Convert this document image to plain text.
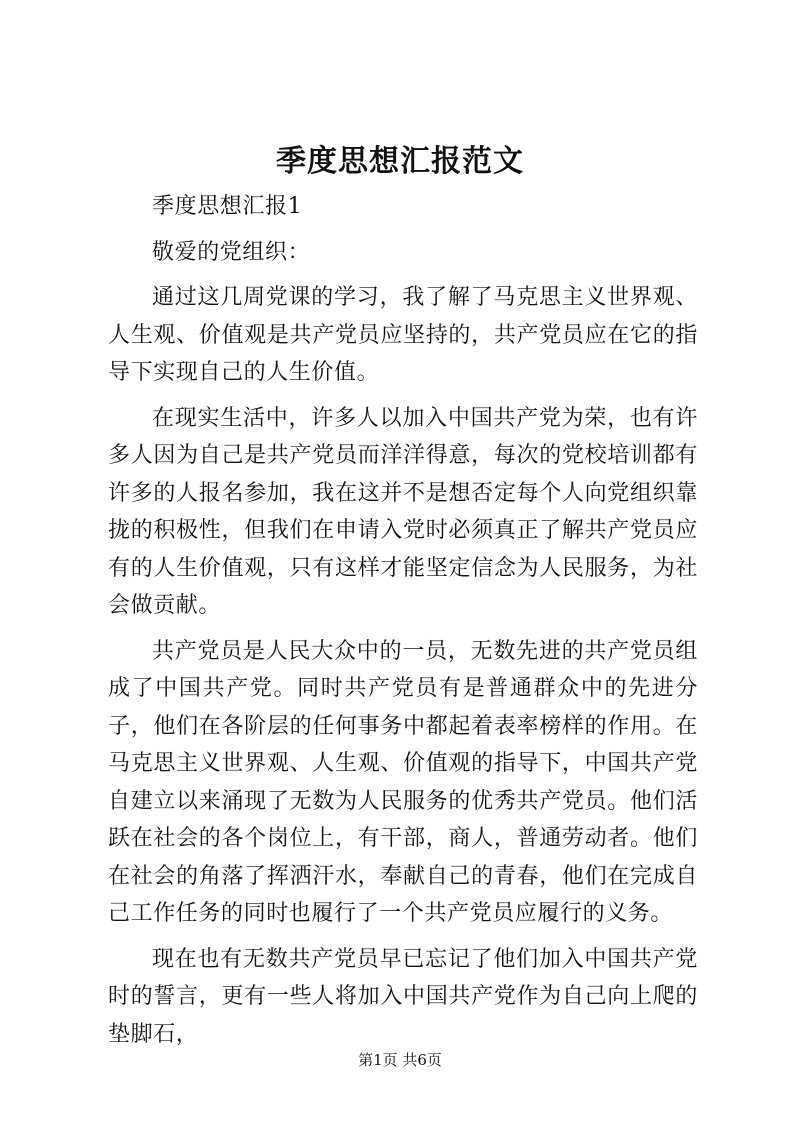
季度思想汇报范文

季度思想汇报1

敬爱的党组织：

通过这几周党课的学习，我了解了马克思主义世界观、人生观、价值观是共产党员应坚持的，共产党员应在它的指导下实现自己的人生价值。

在现实生活中，许多人以加入中国共产党为荣，也有许多人因为自己是共产党员而洋洋得意，每次的党校培训都有许多的人报名参加，我在这并不是想否定每个人向党组织靠拢的积极性，但我们在申请入党时必须真正了解共产党员应有的人生价值观，只有这样才能坚定信念为人民服务，为社会做贡献。

共产党员是人民大众中的一员，无数先进的共产党员组成了中国共产党。同时共产党员有是普通群众中的先进分子，他们在各阶层的任何事务中都起着表率榜样的作用。在马克思主义世界观、人生观、价值观的指导下，中国共产党自建立以来涌现了无数为人民服务的优秀共产党员。他们活跃在社会的各个岗位上，有干部，商人，普通劳动者。他们在社会的角落了挥洒汗水，奉献自己的青春，他们在完成自己工作任务的同时也履行了一个共产党员应履行的义务。

现在也有无数共产党员早已忘记了他们加入中国共产党时的誓言，更有一些人将加入中国共产党作为自己向上爬的垫脚石，

第1页 共6页
